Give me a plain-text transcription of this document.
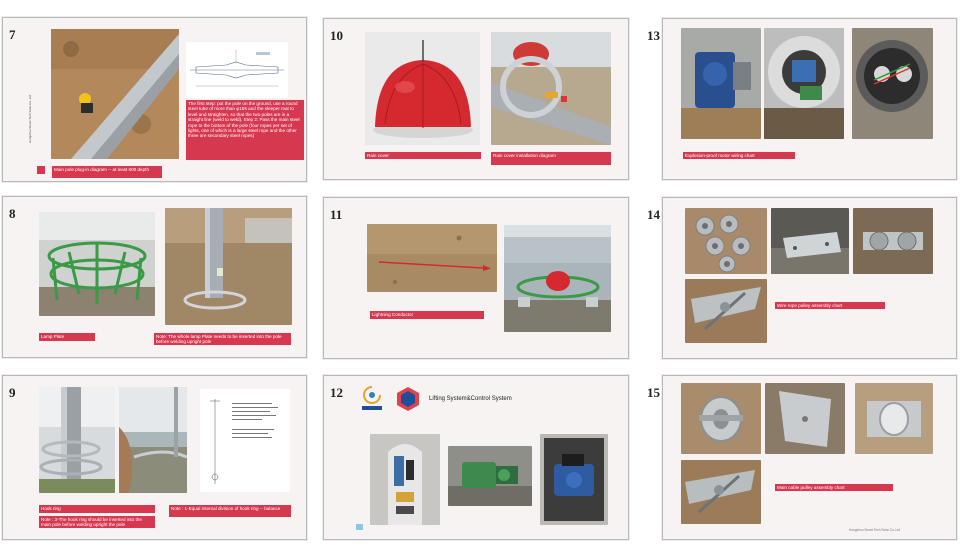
7
Hongzhou Smart Tech Solar Co.,Ltd
Main pole plug-in diagram -- at least 600 depth
The first step: put the pole on the ground, use a round steel tube of more than φ156 and the sleeper mat to level and straighten, so that the two poles are in a straight line (weld to weld). Step 2: Pass the main steel rope to the bottom of the pole (four ropes per set of lights, one of which is a large steel rope and the other three are secondary steel ropes)
8
Lamp Plate	Note: The whole lamp Plate needs to be inserted into the pole before welding upright pole
9
Hook ring
Note : 3-The hook ring should be inserted into the main pole before welding upright the pole
Note : 1-Equal internal division of hook ring -- balance
10
Rain cover	Rain cover installation diagram
11
Lightning Conductor
12
SOLAR
Lifting System&Control System
13
Explosion-proof motor wiring chart
14
Wire rope pulley assembly chart
15
Main cable pulley assembly chart
Hongzhou Smart Tech Solar Co.,Ltd
